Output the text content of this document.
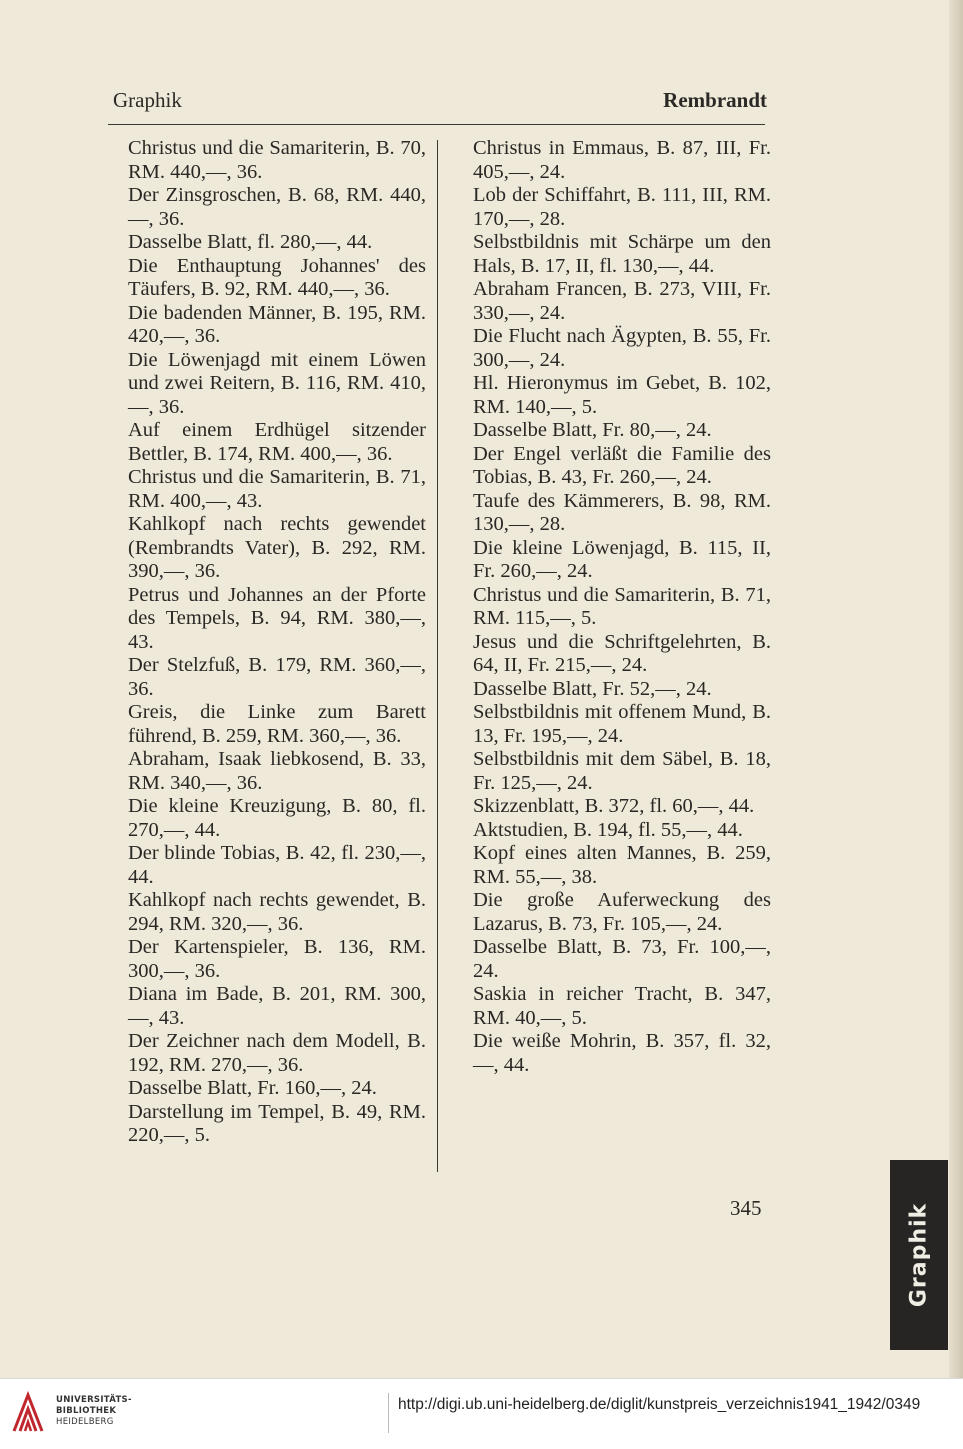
Graphik	Rembrandt

Christus und die Samariterin, B. 70, RM. 440,—, 36.

Der Zinsgroschen, B. 68, RM. 440,—, 36.

Dasselbe Blatt, fl. 280,—, 44.

Die Enthauptung Johannes' des Täufers, B. 92, RM. 440,—, 36.

Die badenden Männer, B. 195, RM. 420,—, 36.

Die Löwenjagd mit einem Löwen und zwei Reitern, B. 116, RM. 410,—, 36.

Auf einem Erdhügel sitzender Bettler, B. 174, RM. 400,—, 36.

Christus und die Samariterin, B. 71, RM. 400,—, 43.

Kahlkopf nach rechts gewendet (Rembrandts Vater), B. 292, RM. 390,—, 36.

Petrus und Johannes an der Pforte des Tempels, B. 94, RM. 380,—, 43.

Der Stelzfuß, B. 179, RM. 360,—, 36.

Greis, die Linke zum Barett führend, B. 259, RM. 360,—, 36.

Abraham, Isaak liebkosend, B. 33, RM. 340,—, 36.

Die kleine Kreuzigung, B. 80, fl. 270,—, 44.

Der blinde Tobias, B. 42, fl. 230,—, 44.

Kahlkopf nach rechts gewendet, B. 294, RM. 320,—, 36.

Der Kartenspieler, B. 136, RM. 300,—, 36.

Diana im Bade, B. 201, RM. 300,—, 43.

Der Zeichner nach dem Modell, B. 192, RM. 270,—, 36.

Dasselbe Blatt, Fr. 160,—, 24.

Darstellung im Tempel, B. 49, RM. 220,—, 5.

Christus in Emmaus, B. 87, III, Fr. 405,—, 24.

Lob der Schiffahrt, B. 111, III, RM. 170,—, 28.

Selbstbildnis mit Schärpe um den Hals, B. 17, II, fl. 130,—, 44.

Abraham Francen, B. 273, VIII, Fr. 330,—, 24.

Die Flucht nach Ägypten, B. 55, Fr. 300,—, 24.

Hl. Hieronymus im Gebet, B. 102, RM. 140,—, 5.

Dasselbe Blatt, Fr. 80,—, 24.

Der Engel verläßt die Familie des Tobias, B. 43, Fr. 260,—, 24.

Taufe des Kämmerers, B. 98, RM. 130,—, 28.

Die kleine Löwenjagd, B. 115, II, Fr. 260,—, 24.

Christus und die Samariterin, B. 71, RM. 115,—, 5.

Jesus und die Schriftgelehrten, B. 64, II, Fr. 215,—, 24.

Dasselbe Blatt, Fr. 52,—, 24.

Selbstbildnis mit offenem Mund, B. 13, Fr. 195,—, 24.

Selbstbildnis mit dem Säbel, B. 18, Fr. 125,—, 24.

Skizzenblatt, B. 372, fl. 60,—, 44.

Aktstudien, B. 194, fl. 55,—, 44.

Kopf eines alten Mannes, B. 259, RM. 55,—, 38.

Die große Auferweckung des Lazarus, B. 73, Fr. 105,—, 24.

Dasselbe Blatt, B. 73, Fr. 100,—, 24.

Saskia in reicher Tracht, B. 347, RM. 40,—, 5.

Die weiße Mohrin, B. 357, fl. 32,—, 44.

345	Graphik
UNIVERSITÄTS-
BIBLIOTHEK
HEIDELBERG
http://digi.ub.uni-heidelberg.de/diglit/kunstpreis_verzeichnis1941_1942/0349
